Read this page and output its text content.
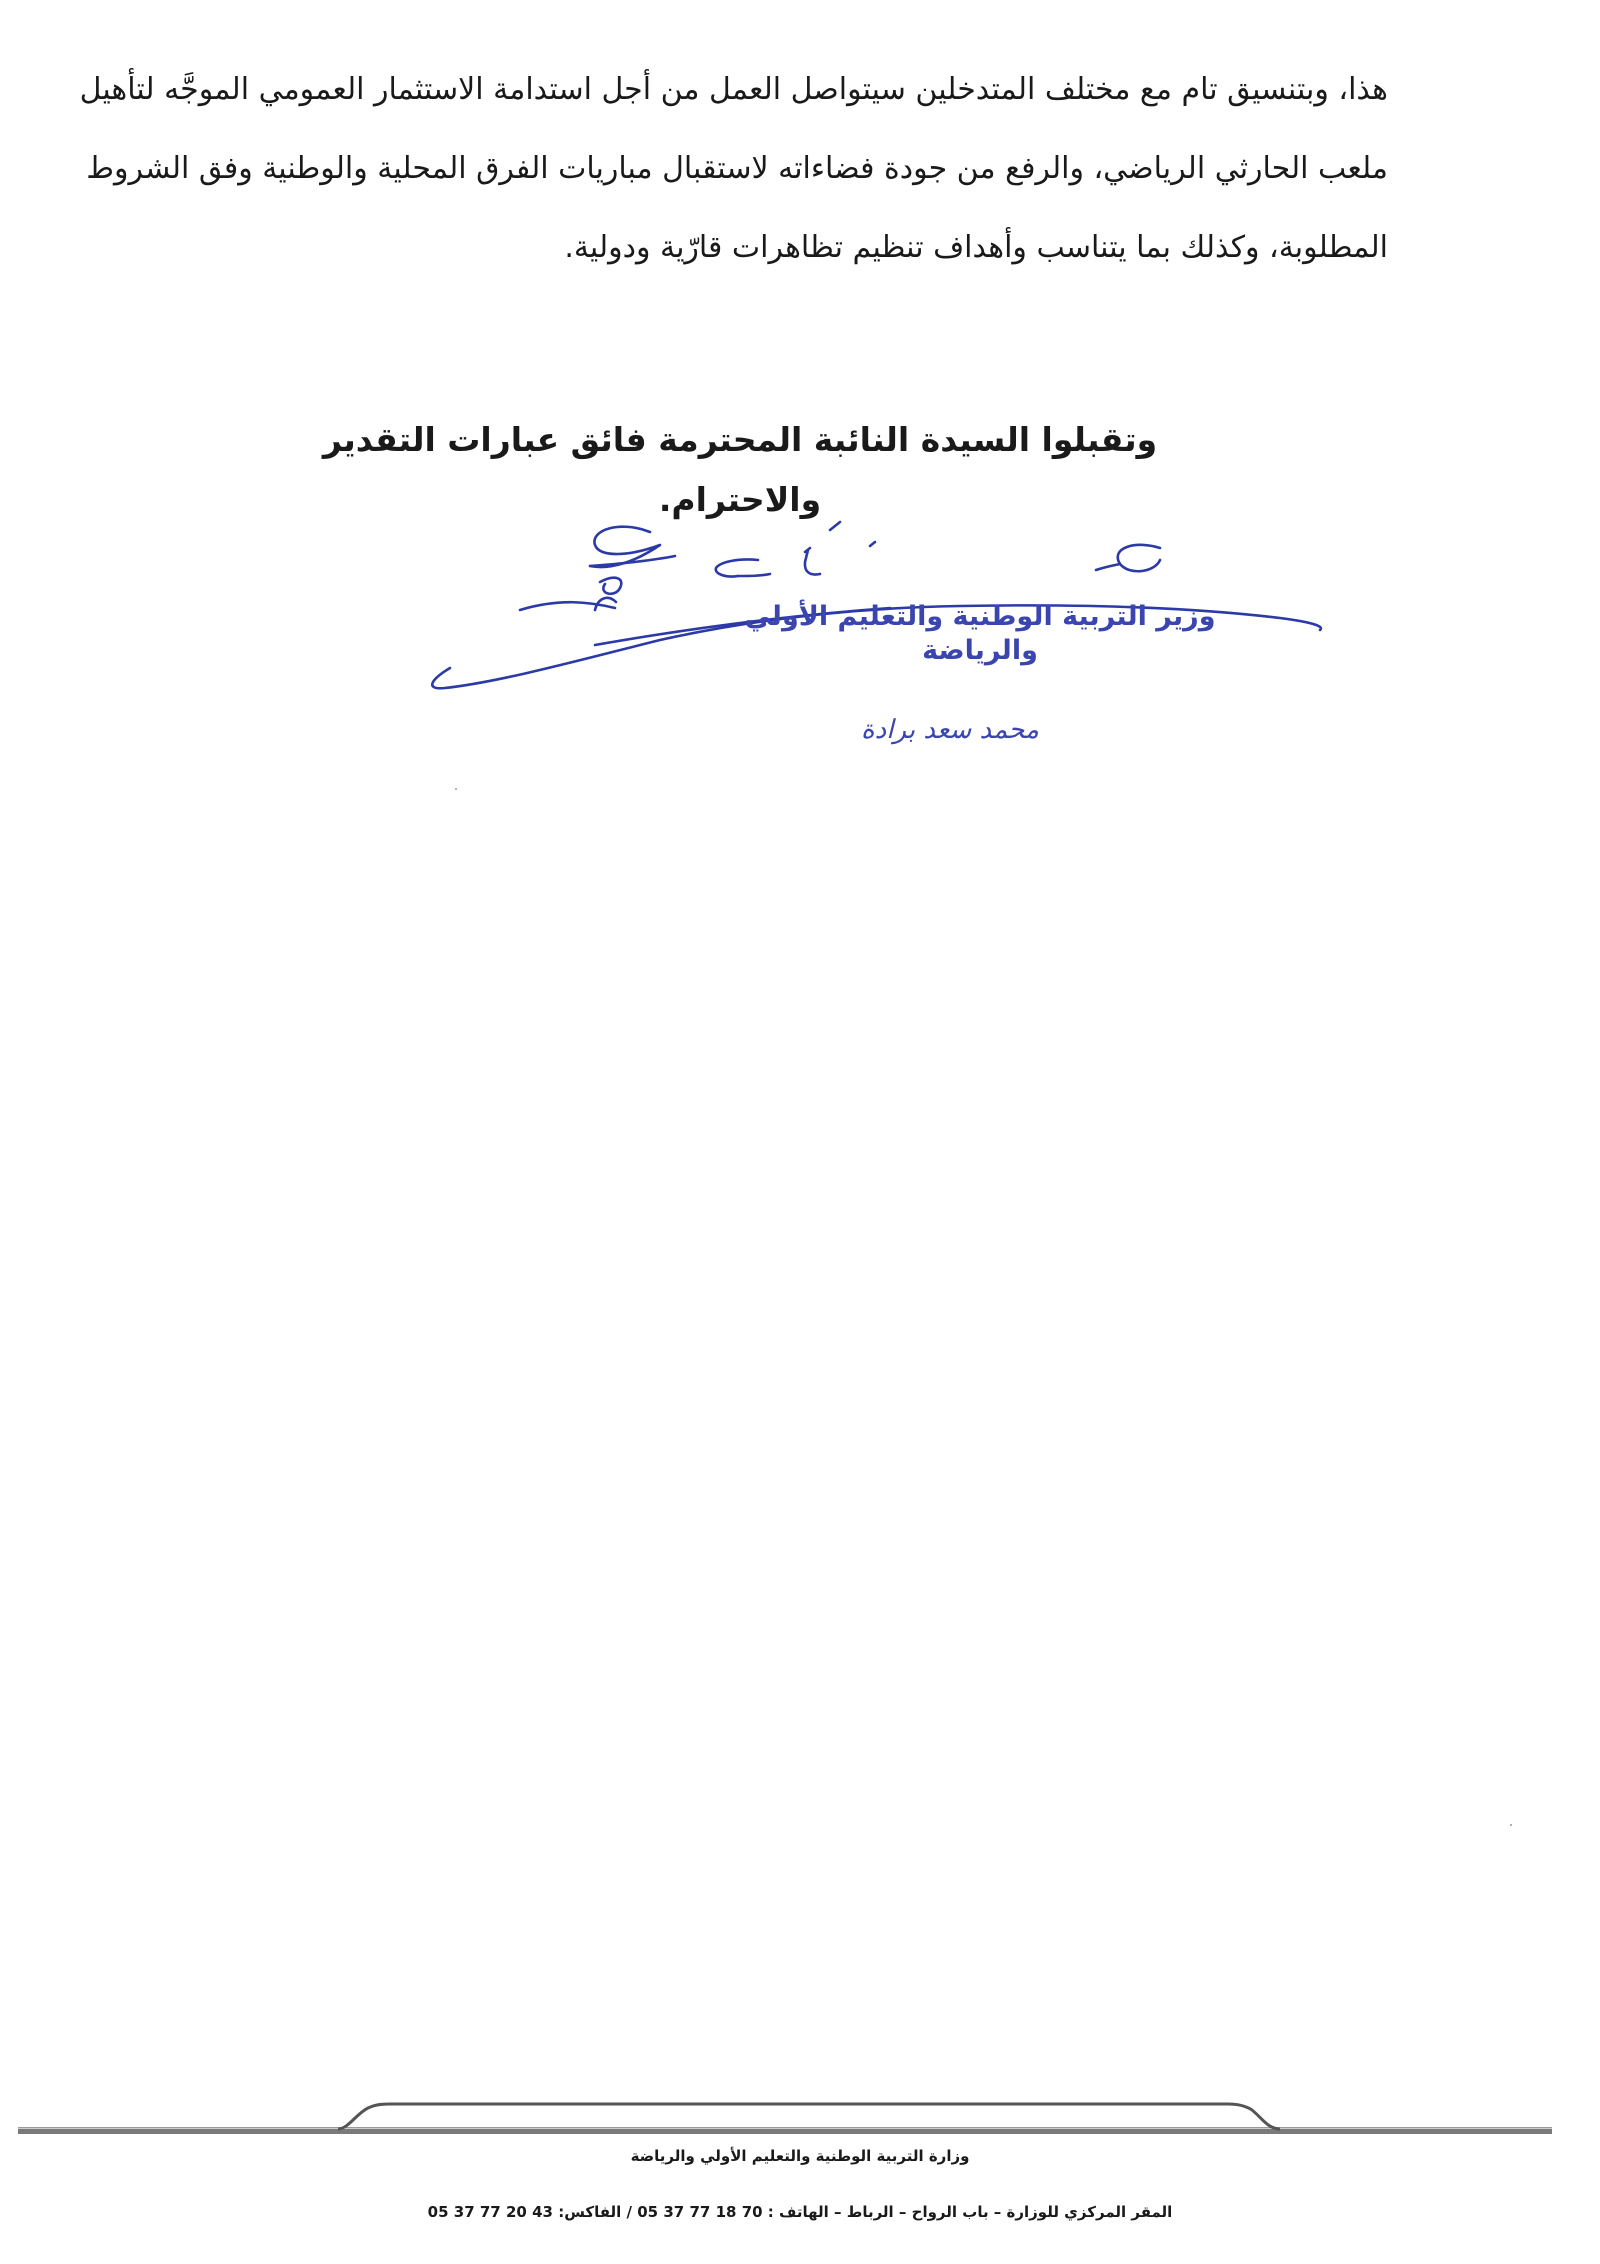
هذا، وبتنسيق تام مع مختلف المتدخلين سيتواصل العمل من أجل استدامة الاستثمار العمومي الموجَّه لتأهيل
ملعب الحارثي الرياضي، والرفع من جودة فضاءاته لاستقبال مباريات الفرق المحلية والوطنية وفق الشروط
المطلوبة، وكذلك بما يتناسب وأهداف تنظيم تظاهرات قارّية ودولية.
وتقبلوا السيدة النائبة المحترمة فائق عبارات التقدير والاحترام.
وزير التربية الوطنية والتعليم الأولي
والرياضة
محمد سعد برادة
وزارة التربية الوطنية والتعليم الأولي والرياضة
المقر المركزي للوزارة – باب الرواح – الرباط – الهاتف : 70 18 77 37 05 / الفاكس: 43 20 77 37 05
